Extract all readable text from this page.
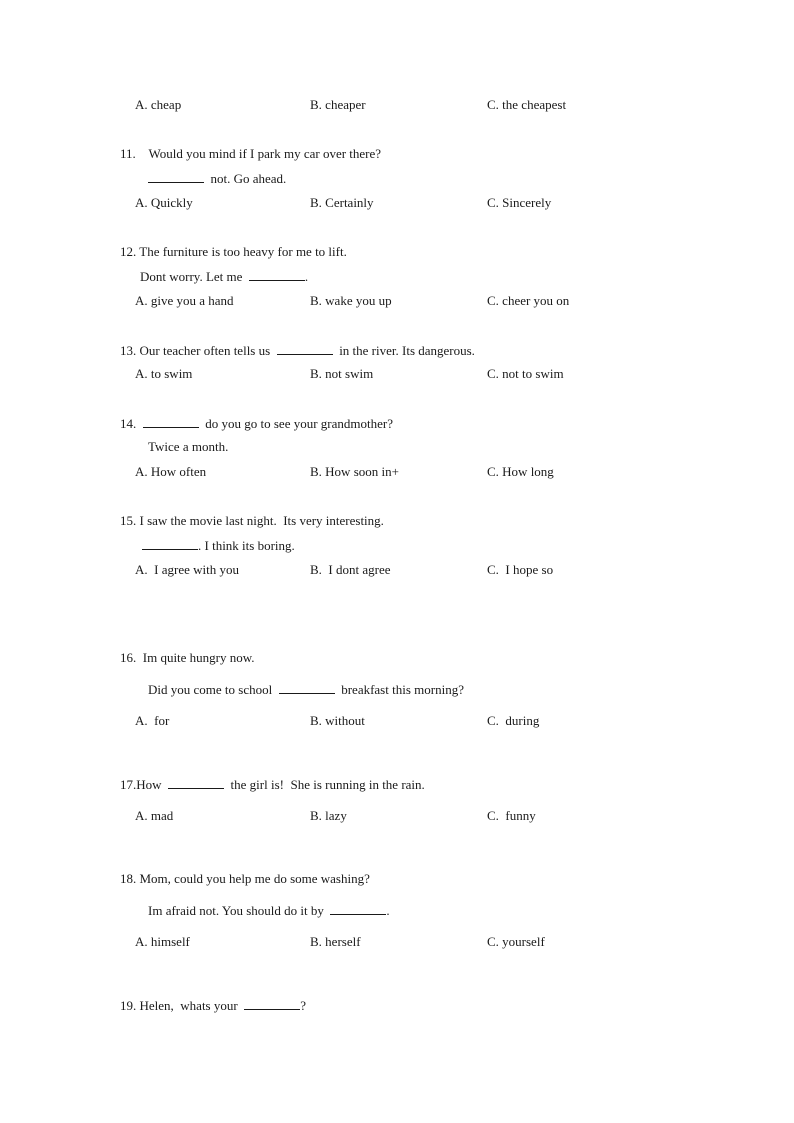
A. cheap	B. cheaper	C. the cheapest
11.    Would you mind if I park my car over there?
not. Go ahead.
A. Quickly	B. Certainly	C. Sincerely
12. The furniture is too heavy for me to lift.
Dont worry. Let me	.
A. give you a hand	B. wake you up	C. cheer you on
13. Our teacher often tells us	in the river. Its dangerous.
A. to swim	B. not swim	C. not to swim
14.	do you go to see your grandmother?
Twice a month.
A. How often	B. How soon in+	C. How long
15. I saw the movie last night.  Its very interesting.
. I think its boring.
A.  I agree with you	B.  I dont agree	C.  I hope so
16.  Im quite hungry now.
Did you come to school	breakfast this morning?
A.  for	B. without	C.  during
17.How	the girl is!  She is running in the rain.
A. mad	B. lazy	C.  funny
18. Mom, could you help me do some washing?
Im afraid not. You should do it by	.
A. himself	B. herself	C. yourself
19. Helen,  whats your	?
